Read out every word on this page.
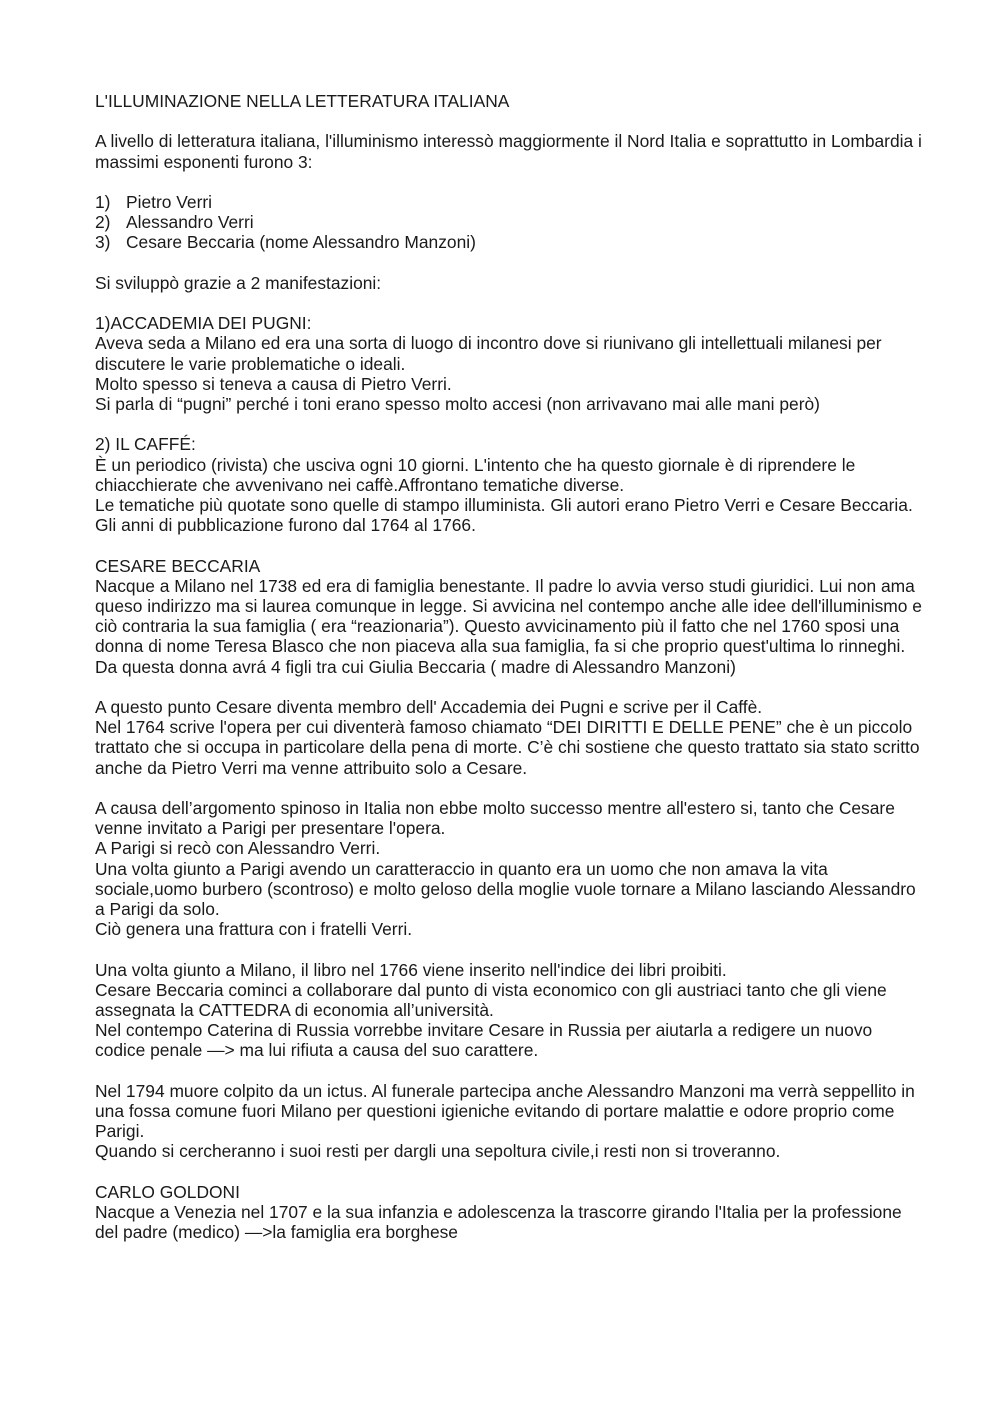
L'ILLUMINAZIONE NELLA LETTERATURA ITALIANA

A livello di letteratura italiana, l'illuminismo interessò maggiormente il Nord Italia e soprattutto in Lombardia i massimi esponenti furono 3:

1) Pietro Verri
2) Alessandro Verri
3) Cesare Beccaria (nome Alessandro Manzoni)

Si sviluppò grazie a 2 manifestazioni:

1)ACCADEMIA DEI PUGNI:
Aveva seda a Milano ed era una sorta di luogo di incontro dove si riunivano gli intellettuali milanesi per discutere le varie problematiche o ideali.
Molto spesso si teneva a causa di Pietro Verri.
Si parla di “pugni” perché i toni erano spesso molto accesi (non arrivavano mai alle mani però)
2) IL CAFFÉ:
È un periodico (rivista) che usciva ogni 10 giorni. L'intento che ha questo giornale è di riprendere le chiacchierate che avvenivano nei caffè.Affrontano tematiche diverse.
Le tematiche più quotate sono quelle di stampo illuminista. Gli autori erano Pietro Verri e Cesare Beccaria.
Gli anni di pubblicazione furono dal 1764 al 1766.
CESARE BECCARIA
Nacque a Milano nel 1738 ed era di famiglia benestante. Il padre lo avvia verso studi giuridici. Lui non ama queso indirizzo ma si laurea comunque in legge. Si avvicina nel contempo anche alle idee dell'illuminismo e ciò contraria la sua famiglia ( era “reazionaria”). Questo avvicinamento più il fatto che nel 1760 sposi una donna di nome Teresa Blasco che non piaceva alla sua famiglia, fa si che proprio quest'ultima lo rinneghi. Da questa donna avrá 4 figli tra cui Giulia Beccaria ( madre di Alessandro Manzoni)
A questo punto Cesare diventa membro dell' Accademia dei Pugni e scrive per il Caffè.
Nel 1764 scrive l'opera per cui diventerà famoso chiamato “DEI DIRITTI E DELLE PENE” che è un piccolo trattato che si occupa in particolare della pena di morte. C’è chi sostiene che questo trattato sia stato scritto anche da Pietro Verri ma venne attribuito solo a Cesare.
A causa dell’argomento spinoso in Italia non ebbe molto successo mentre all'estero si, tanto che Cesare venne invitato a Parigi per presentare l'opera.
A Parigi si recò con Alessandro Verri.
Una volta giunto a Parigi avendo un caratteraccio in quanto era un uomo che non amava la vita sociale,uomo burbero (scontroso) e molto geloso della moglie vuole tornare a Milano lasciando Alessandro a Parigi da solo.
Ciò genera una frattura con i fratelli Verri.
Una volta giunto a Milano, il libro nel 1766 viene inserito nell'indice dei libri proibiti.
Cesare Beccaria cominci a collaborare dal punto di vista economico con gli austriaci tanto che gli viene assegnata la CATTEDRA di economia all’università.
Nel contempo Caterina di Russia vorrebbe invitare Cesare in Russia per aiutarla a redigere un nuovo codice penale —> ma lui rifiuta a causa del suo carattere.
Nel 1794 muore colpito da un ictus. Al funerale partecipa anche Alessandro Manzoni ma verrà seppellito in una fossa comune fuori Milano per questioni igieniche evitando di portare malattie e odore proprio come Parigi.
Quando si cercheranno i suoi resti per dargli una sepoltura civile,i resti non si troveranno.
CARLO GOLDONI
Nacque a Venezia nel 1707 e la sua infanzia e adolescenza la trascorre girando l'Italia per la professione del padre (medico) —>la famiglia era borghese
